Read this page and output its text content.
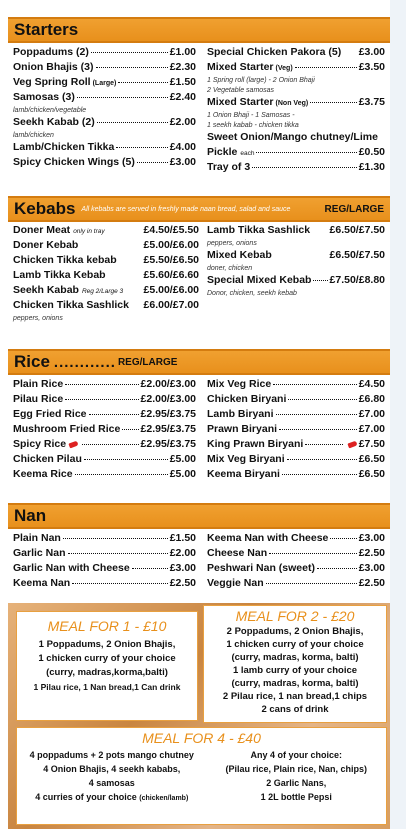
Starters
Poppadums (2)	£1.00
Onion Bhajis (3)	£2.30
Veg Spring Roll (Large)	£1.50
Samosas (3)	£2.40
lamb/chicken/vegetable
Seekh Kabab (2)	£2.00
lamb/chicken
Lamb/Chicken Tikka	£4.00
Spicy Chicken Wings (5)	£3.00
Special Chicken Pakora (5) £3.00
Mixed Starter (Veg)	£3.50
1 Spring roll (large) - 2 Onion Bhaji
2 Vegetable samosas
Mixed Starter (Non Veg)	£3.75
1 Onion Bhaji - 1 Samosas -
1 seekh kabab - chicken tikka
Sweet Onion/Mango chutney/Lime
Pickle each	£0.50
Tray of 3	£1.30
Kebabs All kebabs are served in freshly made naan bread, salad and sauce	REG/LARGE
Doner Meat only in tray	£4.50/£5.50
Doner Kebab	£5.00/£6.00
Chicken Tikka kebab	£5.50/£6.50
Lamb Tikka Kebab	£5.60/£6.60
Seekh Kabab Reg 2/Large 3 £5.00/£6.00
Chicken Tikka Sashlick £6.00/£7.00
peppers, onions
Lamb Tikka Sashlick £6.50/£7.50
peppers, onions
Mixed Kebab	£6.50/£7.50
doner, chicken
Special Mixed Kebab £7.50/£8.80
Donor, chicken, seekh kebab
Rice ............ REG/LARGE
Plain Rice	£2.00/£3.00
Pilau Rice	£2.00/£3.00
Egg Fried Rice	£2.95/£3.75
Mushroom Fried Rice £2.95/£3.75
Spicy Rice	£2.95/£3.75
Chicken Pilau	£5.00
Keema Rice	£5.00
Mix Veg Rice	£4.50
Chicken Biryani	£6.80
Lamb Biryani	£7.00
Prawn Biryani	£7.00
King Prawn Biryani	£7.50
Mix Veg Biryani	£6.50
Keema Biryani	£6.50
Nan
Plain Nan	£1.50
Garlic Nan	£2.00
Garlic Nan with Cheese	£3.00
Keema Nan	£2.50
Keema Nan with Cheese	£3.00
Cheese Nan	£2.50
Peshwari Nan (sweet)	£3.00
Veggie Nan	£2.50
MEAL FOR 1 - £10
1 Poppadums, 2 Onion Bhajis,
1 chicken curry of your choice
(curry, madras,korma,balti)
1 Pilau rice, 1 Nan bread,1 Can drink
MEAL FOR 2 - £20
2 Poppadums, 2 Onion Bhajis,
1 chicken curry of your choice
(curry, madras, korma, balti)
1 lamb curry of your choice
(curry, madras, korma, balti)
2 Pilau rice, 1 nan bread,1 chips
2 cans of drink
MEAL FOR 4 - £40
4 poppadums + 2 pots mango chutney
4 Onion Bhajis, 4 seekh kababs,
4 samosas
4 curries of your choice (chicken/lamb)
Any 4 of your choice:
(Pilau rice, Plain rice, Nan, chips)
2 Garlic Nans,
1 2L bottle Pepsi
